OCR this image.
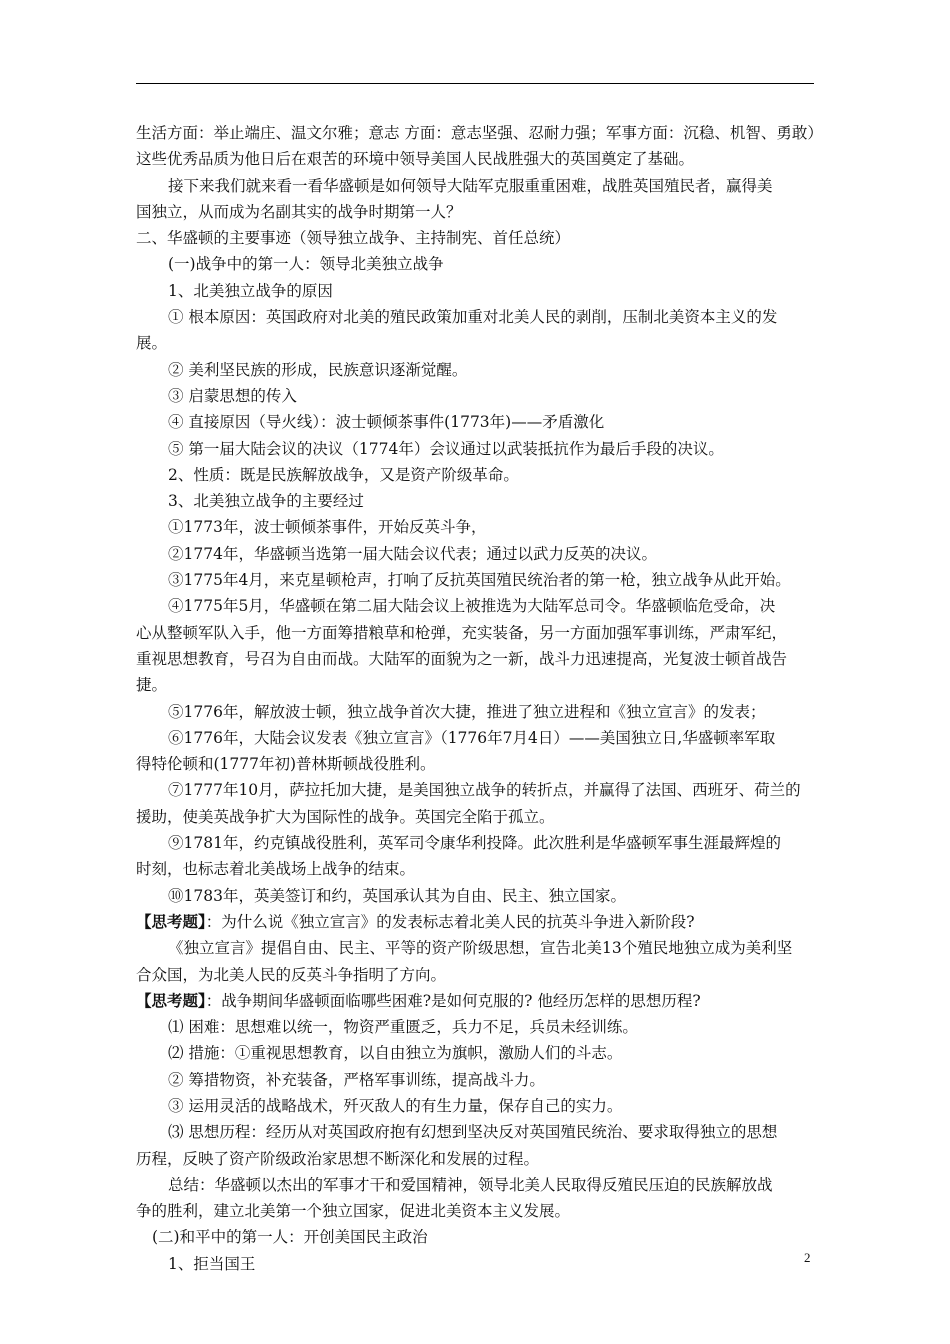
生活方面：举止端庄、温文尔雅；意志 方面：意志坚强、忍耐力强；军事方面：沉稳、机智、勇敢）
这些优秀品质为他日后在艰苦的环境中领导美国人民战胜强大的英国奠定了基础。
接下来我们就来看一看华盛顿是如何领导大陆军克服重重困难，战胜英国殖民者，赢得美
国独立，从而成为名副其实的战争时期第一人？
二、华盛顿的主要事迹（领导独立战争、主持制宪、首任总统）
(一)战争中的第一人：领导北美独立战争
1、北美独立战争的原因
① 根本原因：英国政府对北美的殖民政策加重对北美人民的剥削，压制北美资本主义的发
展。
② 美利坚民族的形成，民族意识逐渐觉醒。
③ 启蒙思想的传入
④ 直接原因（导火线）：波士顿倾茶事件(1773年)——矛盾激化
⑤ 第一届大陆会议的决议（1774年）会议通过以武装抵抗作为最后手段的决议。
2、性质：既是民族解放战争，又是资产阶级革命。
3、北美独立战争的主要经过
①1773年，波士顿倾茶事件，开始反英斗争，
②1774年，华盛顿当选第一届大陆会议代表；通过以武力反英的决议。
③1775年4月，来克星顿枪声，打响了反抗英国殖民统治者的第一枪，独立战争从此开始。
④1775年5月，华盛顿在第二届大陆会议上被推选为大陆军总司令。华盛顿临危受命，决
心从整顿军队入手，他一方面筹措粮草和枪弹，充实装备，另一方面加强军事训练，严肃军纪，
重视思想教育，号召为自由而战。大陆军的面貌为之一新，战斗力迅速提高，光复波士顿首战告
捷。
⑤1776年，解放波士顿，独立战争首次大捷，推进了独立进程和《独立宣言》的发表；
⑥1776年，大陆会议发表《独立宣言》（1776年7月4日）——美国独立日,华盛顿率军取
得特伦顿和(1777年初)普林斯顿战役胜利。
⑦1777年10月，萨拉托加大捷，是美国独立战争的转折点，并赢得了法国、西班牙、荷兰的
援助，使美英战争扩大为国际性的战争。英国完全陷于孤立。
⑨1781年，约克镇战役胜利，英军司令康华利投降。此次胜利是华盛顿军事生涯最辉煌的
时刻，也标志着北美战场上战争的结束。
⑩1783年，英美签订和约，英国承认其为自由、民主、独立国家。
【思考题】：为什么说《独立宣言》的发表标志着北美人民的抗英斗争进入新阶段?
《独立宣言》提倡自由、民主、平等的资产阶级思想，宣告北美13个殖民地独立成为美利坚
合众国，为北美人民的反英斗争指明了方向。
【思考题】：战争期间华盛顿面临哪些困难?是如何克服的? 他经历怎样的思想历程?
⑴ 困难：思想难以统一，物资严重匮乏，兵力不足，兵员未经训练。
⑵ 措施：①重视思想教育，以自由独立为旗帜，激励人们的斗志。
② 筹措物资，补充装备，严格军事训练，提高战斗力。
③ 运用灵活的战略战术，歼灭敌人的有生力量，保存自己的实力。
⑶ 思想历程：经历从对英国政府抱有幻想到坚决反对英国殖民统治、要求取得独立的思想
历程，反映了资产阶级政治家思想不断深化和发展的过程。
总结：华盛顿以杰出的军事才干和爱国精神，领导北美人民取得反殖民压迫的民族解放战
争的胜利，建立北美第一个独立国家，促进北美资本主义发展。
(二)和平中的第一人：开创美国民主政治
1、拒当国王	2
